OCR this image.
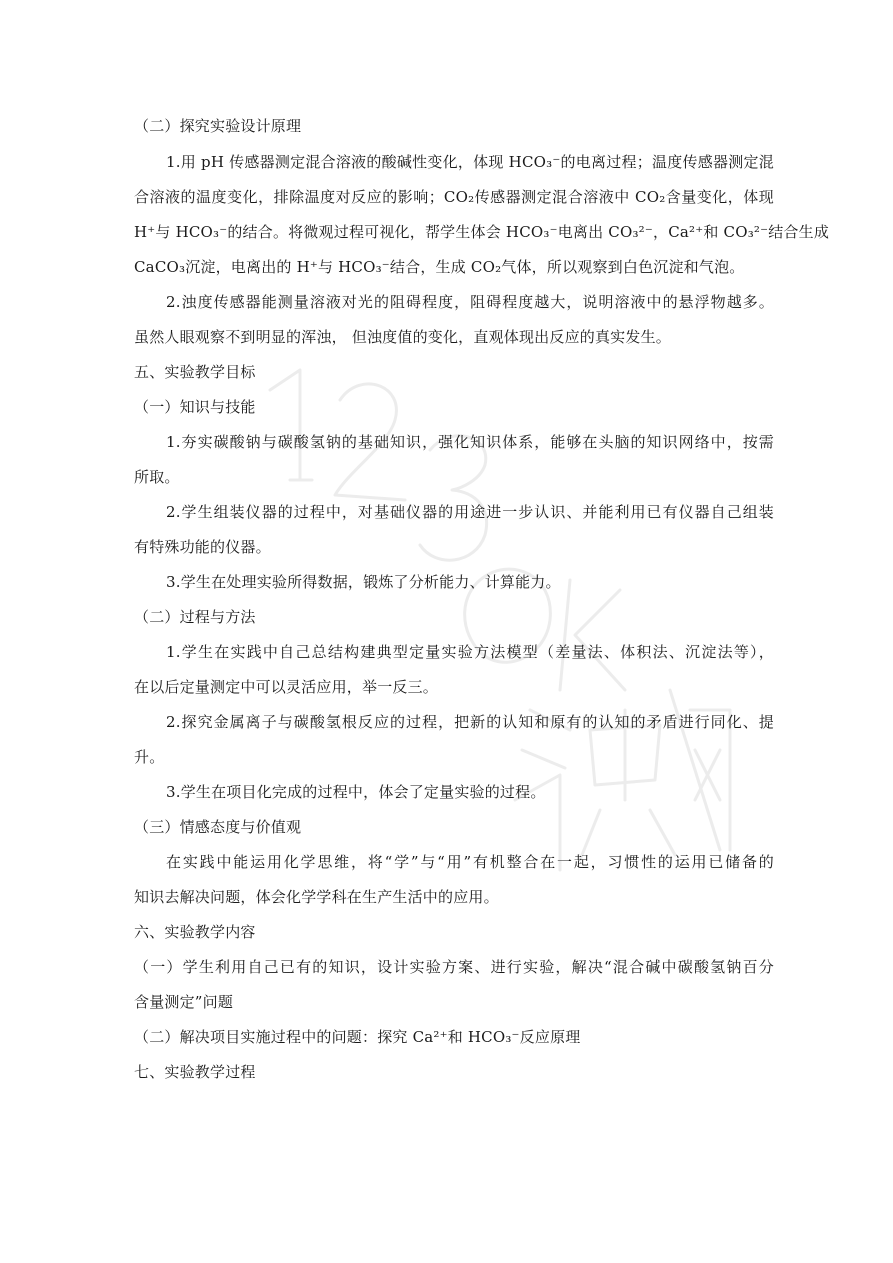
（二）探究实验设计原理
1.用 pH 传感器测定混合溶液的酸碱性变化，体现 HCO₃⁻的电离过程；温度传感器测定混
合溶液的温度变化，排除温度对反应的影响；CO₂传感器测定混合溶液中 CO₂含量变化，体现
H⁺与 HCO₃⁻的结合。将微观过程可视化，帮学生体会 HCO₃⁻电离出 CO₃²⁻，Ca²⁺和 CO₃²⁻结合生成
CaCO₃沉淀，电离出的 H⁺与 HCO₃⁻结合，生成 CO₂气体，所以观察到白色沉淀和气泡。
2.浊度传感器能测量溶液对光的阻碍程度，阻碍程度越大，说明溶液中的悬浮物越多。
虽然人眼观察不到明显的浑浊， 但浊度值的变化，直观体现出反应的真实发生。
五、实验教学目标
（一）知识与技能
1.夯实碳酸钠与碳酸氢钠的基础知识，强化知识体系，能够在头脑的知识网络中，按需
所取。
2.学生组装仪器的过程中，对基础仪器的用途进一步认识、并能利用已有仪器自己组装
有特殊功能的仪器。
3.学生在处理实验所得数据，锻炼了分析能力、计算能力。
（二）过程与方法
1.学生在实践中自己总结构建典型定量实验方法模型（差量法、体积法、沉淀法等），
在以后定量测定中可以灵活应用，举一反三。
2.探究金属离子与碳酸氢根反应的过程，把新的认知和原有的认知的矛盾进行同化、提
升。
3.学生在项目化完成的过程中，体会了定量实验的过程。
（三）情感态度与价值观
在实践中能运用化学思维，将“学”与“用”有机整合在一起，习惯性的运用已储备的
知识去解决问题，体会化学学科在生产生活中的应用。
六、实验教学内容
（一）学生利用自己已有的知识，设计实验方案、进行实验，解决“混合碱中碳酸氢钠百分
含量测定”问题
（二）解决项目实施过程中的问题：探究 Ca²⁺和 HCO₃⁻反应原理
七、实验教学过程
